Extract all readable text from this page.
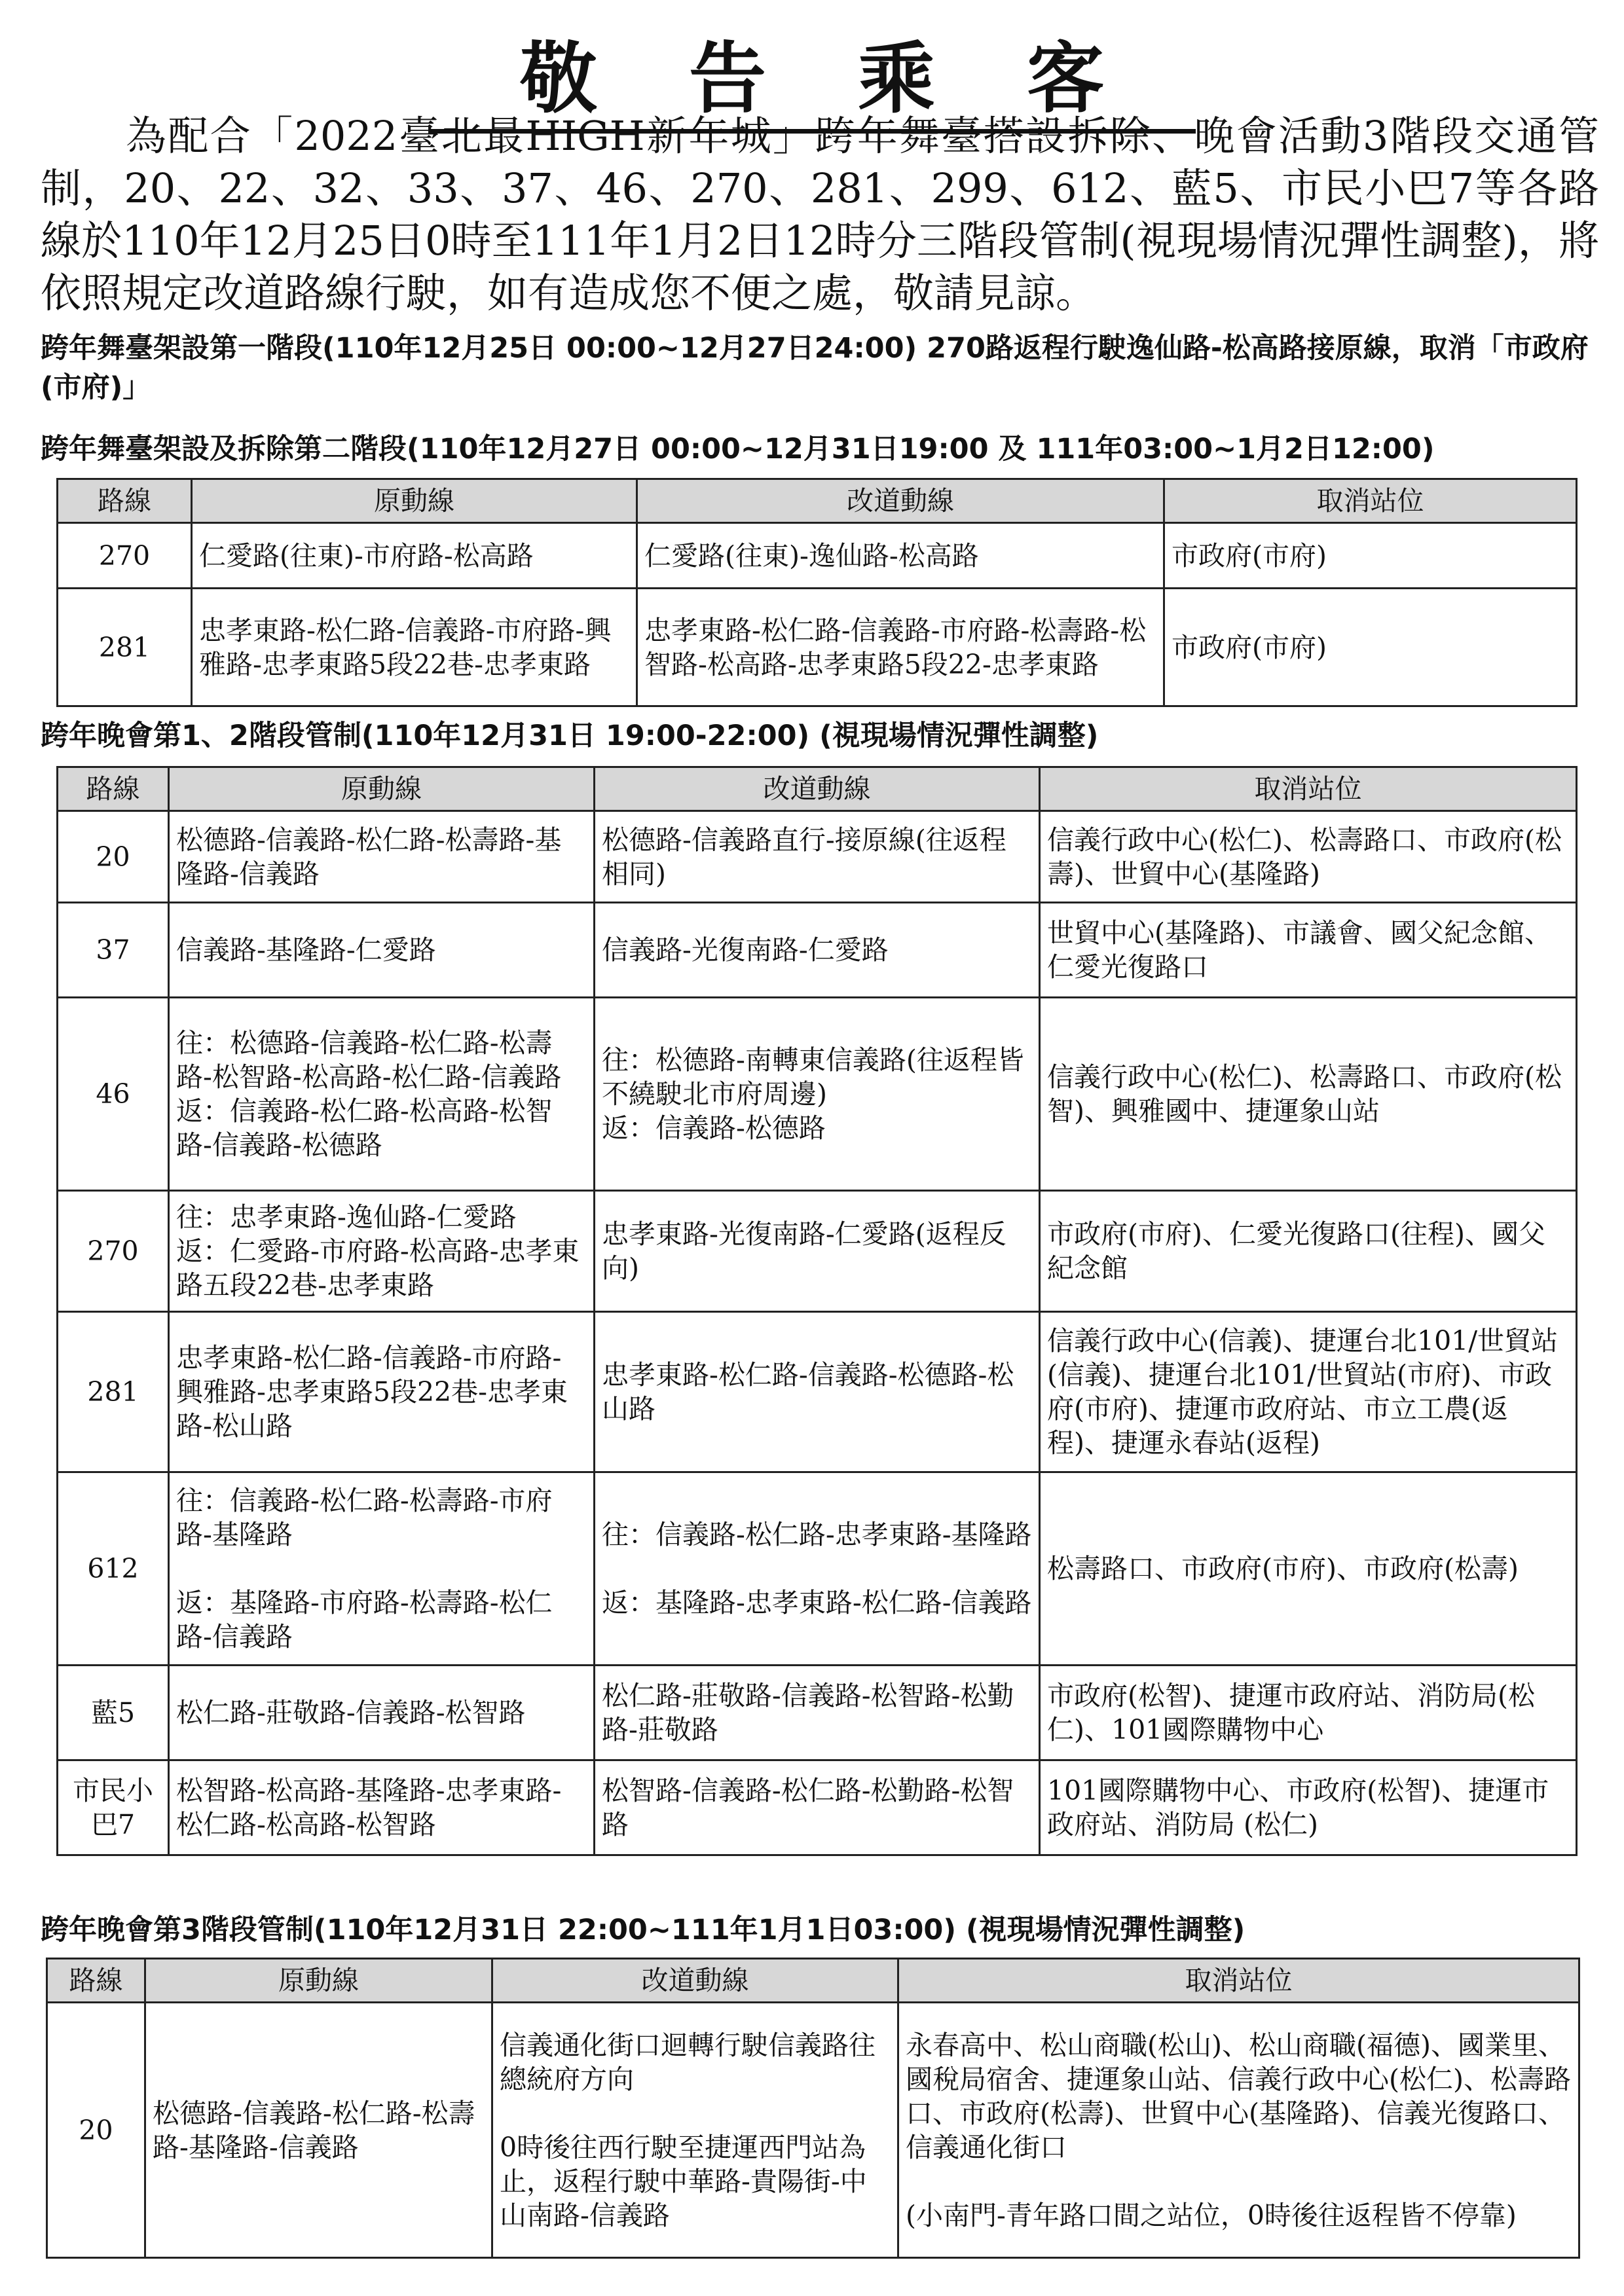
敬告乘客

為配合「2022臺北最HIGH新年城」跨年舞臺搭設拆除、晚會活動3階段交通管制，20、22、32、33、37、46、270、281、299、612、藍5、市民小巴7等各路線於110年12月25日0時至111年1月2日12時分三階段管制(視現場情況彈性調整)，將依照規定改道路線行駛，如有造成您不便之處，敬請見諒。

跨年舞臺架設第一階段(110年12月25日 00:00~12月27日24:00) 270路返程行駛逸仙路-松高路接原線，取消「市政府(市府)」
跨年舞臺架設及拆除第二階段(110年12月27日 00:00~12月31日19:00 及 111年03:00~1月2日12:00)
路線	原動線	改道動線	取消站位
270	仁愛路(往東)-市府路-松高路	仁愛路(往東)-逸仙路-松高路	市政府(市府)
281	忠孝東路-松仁路-信義路-市府路-興雅路-忠孝東路5段22巷-忠孝東路	忠孝東路-松仁路-信義路-市府路-松壽路-松智路-松高路-忠孝東路5段22-忠孝東路	市政府(市府)
跨年晚會第1、2階段管制(110年12月31日 19:00-22:00) (視現場情況彈性調整)
路線	原動線	改道動線	取消站位
20	松德路-信義路-松仁路-松壽路-基隆路-信義路	松德路-信義路直行-接原線(往返程相同)	信義行政中心(松仁)、松壽路口、市政府(松壽)、世貿中心(基隆路)
37	信義路-基隆路-仁愛路	信義路-光復南路-仁愛路	世貿中心(基隆路)、市議會、國父紀念館、仁愛光復路口
46	往：松德路-信義路-松仁路-松壽路-松智路-松高路-松仁路-信義路
返：信義路-松仁路-松高路-松智路-信義路-松德路	往：松德路-南轉東信義路(往返程皆不繞駛北市府周邊)
返：信義路-松德路	信義行政中心(松仁)、松壽路口、市政府(松智)、興雅國中、捷運象山站
270	往：忠孝東路-逸仙路-仁愛路
返：仁愛路-市府路-松高路-忠孝東路五段22巷-忠孝東路	忠孝東路-光復南路-仁愛路(返程反向)	市政府(市府)、仁愛光復路口(往程)、國父紀念館
281	忠孝東路-松仁路-信義路-市府路-興雅路-忠孝東路5段22巷-忠孝東路-松山路	忠孝東路-松仁路-信義路-松德路-松山路	信義行政中心(信義)、捷運台北101/世貿站(信義)、捷運台北101/世貿站(市府)、市政府(市府)、捷運市政府站、市立工農(返程)、捷運永春站(返程)
612	往：信義路-松仁路-松壽路-市府路-基隆路
返：基隆路-市府路-松壽路-松仁路-信義路	往：信義路-松仁路-忠孝東路-基隆路
返：基隆路-忠孝東路-松仁路-信義路	松壽路口、市政府(市府)、市政府(松壽)
藍5	松仁路-莊敬路-信義路-松智路	松仁路-莊敬路-信義路-松智路-松勤路-莊敬路	市政府(松智)、捷運市政府站、消防局(松仁)、101國際購物中心
市民小巴7	松智路-松高路-基隆路-忠孝東路-松仁路-松高路-松智路	松智路-信義路-松仁路-松勤路-松智路	101國際購物中心、市政府(松智)、捷運市政府站、消防局 (松仁)
跨年晚會第3階段管制(110年12月31日 22:00~111年1月1日03:00) (視現場情況彈性調整)
路線	原動線	改道動線	取消站位
20	松德路-信義路-松仁路-松壽路-基隆路-信義路	信義通化街口迴轉行駛信義路往總統府方向
0時後往西行駛至捷運西門站為止，返程行駛中華路-貴陽街-中山南路-信義路	永春高中、松山商職(松山)、松山商職(福德)、國業里、國稅局宿舍、捷運象山站、信義行政中心(松仁)、松壽路口、市政府(松壽)、世貿中心(基隆路)、信義光復路口、信義通化街口
(小南門-青年路口間之站位，0時後往返程皆不停靠)
